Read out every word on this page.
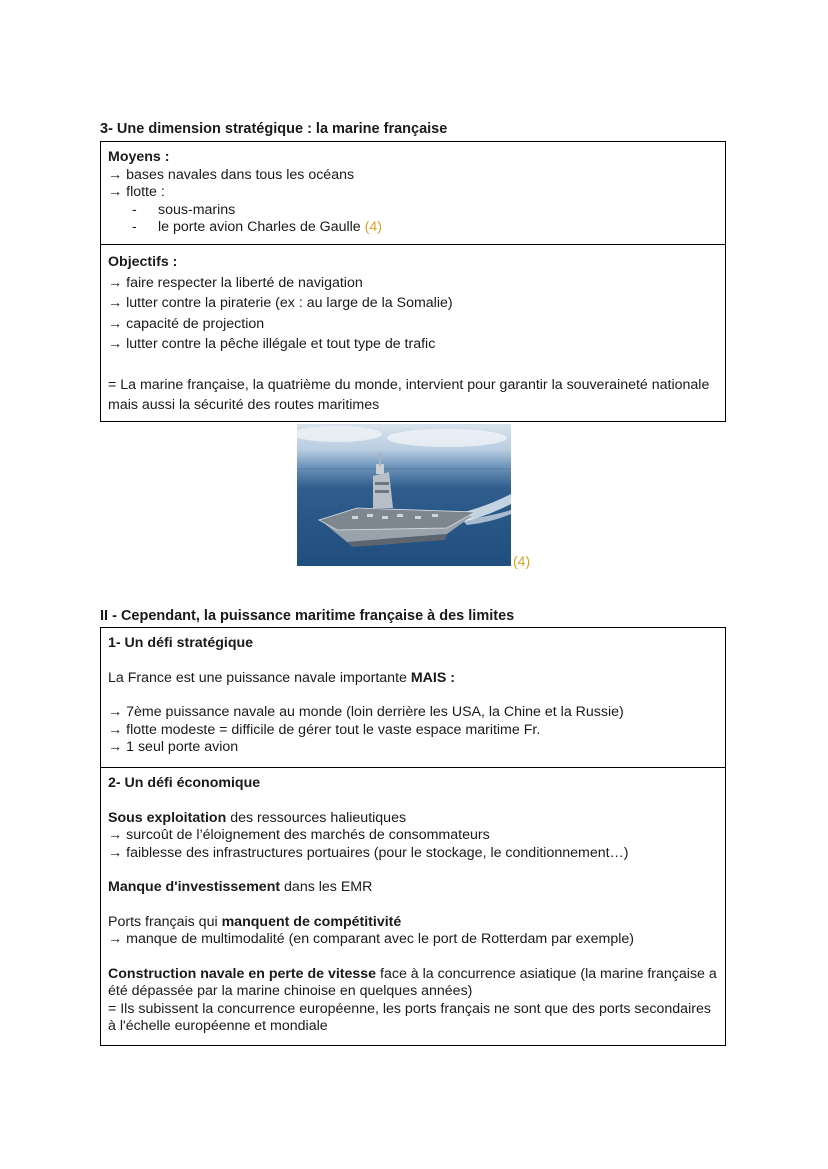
3- Une dimension stratégique : la marine française

Moyens :
→ bases navales dans tous les océans
→ flotte :
- sous-marins
- le porte avion Charles de Gaulle (4)
Objectifs :
→ faire respecter la liberté de navigation
→ lutter contre la piraterie (ex : au large de la Somalie)
→ capacité de projection
→ lutter contre la pêche illégale et tout type de trafic
= La marine française, la quatrième du monde, intervient pour garantir la souveraineté nationale mais aussi la sécurité des routes maritimes
(4)

II - Cependant, la puissance maritime française à des limites

1- Un défi stratégique
La France est une puissance navale importante MAIS :
→ 7ème puissance navale au monde (loin derrière les USA, la Chine et la Russie)
→ flotte modeste = difficile de gérer tout le vaste espace maritime Fr.
→ 1 seul porte avion
2- Un défi économique
Sous exploitation des ressources halieutiques
→ surcoût de l’éloignement des marchés de consommateurs
→ faiblesse des infrastructures portuaires (pour le stockage, le conditionnement…)
Manque d'investissement dans les EMR
Ports français qui manquent de compétitivité
→ manque de multimodalité (en comparant avec le port de Rotterdam par exemple)
Construction navale en perte de vitesse face à la concurrence asiatique (la marine française a été dépassée par la marine chinoise en quelques années)
= Ils subissent la concurrence européenne, les ports français ne sont que des ports secondaires à l'échelle européenne et mondiale
